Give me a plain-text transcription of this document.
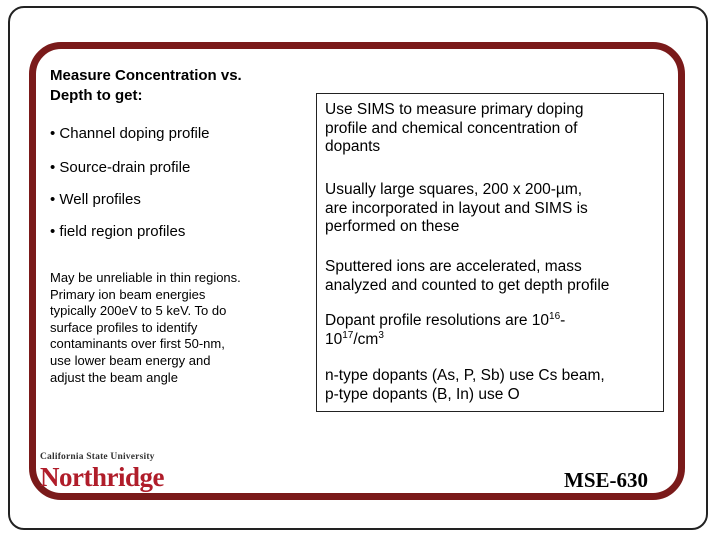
Measure Concentration vs.
Depth to get:

• Channel doping profile

• Source-drain profile

• Well profiles

• field region profiles

May be unreliable in thin regions.
Primary ion beam energies
typically 200eV to 5 keV. To do
surface profiles to identify
contaminants over first 50-nm,
use lower beam energy and
adjust the beam angle

Use SIMS to measure primary doping
profile and chemical concentration of
dopants

Usually large squares, 200 x 200-µm,
are incorporated in layout and SIMS is
performed on these

Sputtered ions are accelerated, mass
analyzed and counted to get depth profile

Dopant profile resolutions are $10^{16}-$
$10^{17}/cm^3$

n-type dopants (As, P, Sb) use Cs beam,
p-type dopants (B, In) use O

California State University
Northridge	MSE-630
